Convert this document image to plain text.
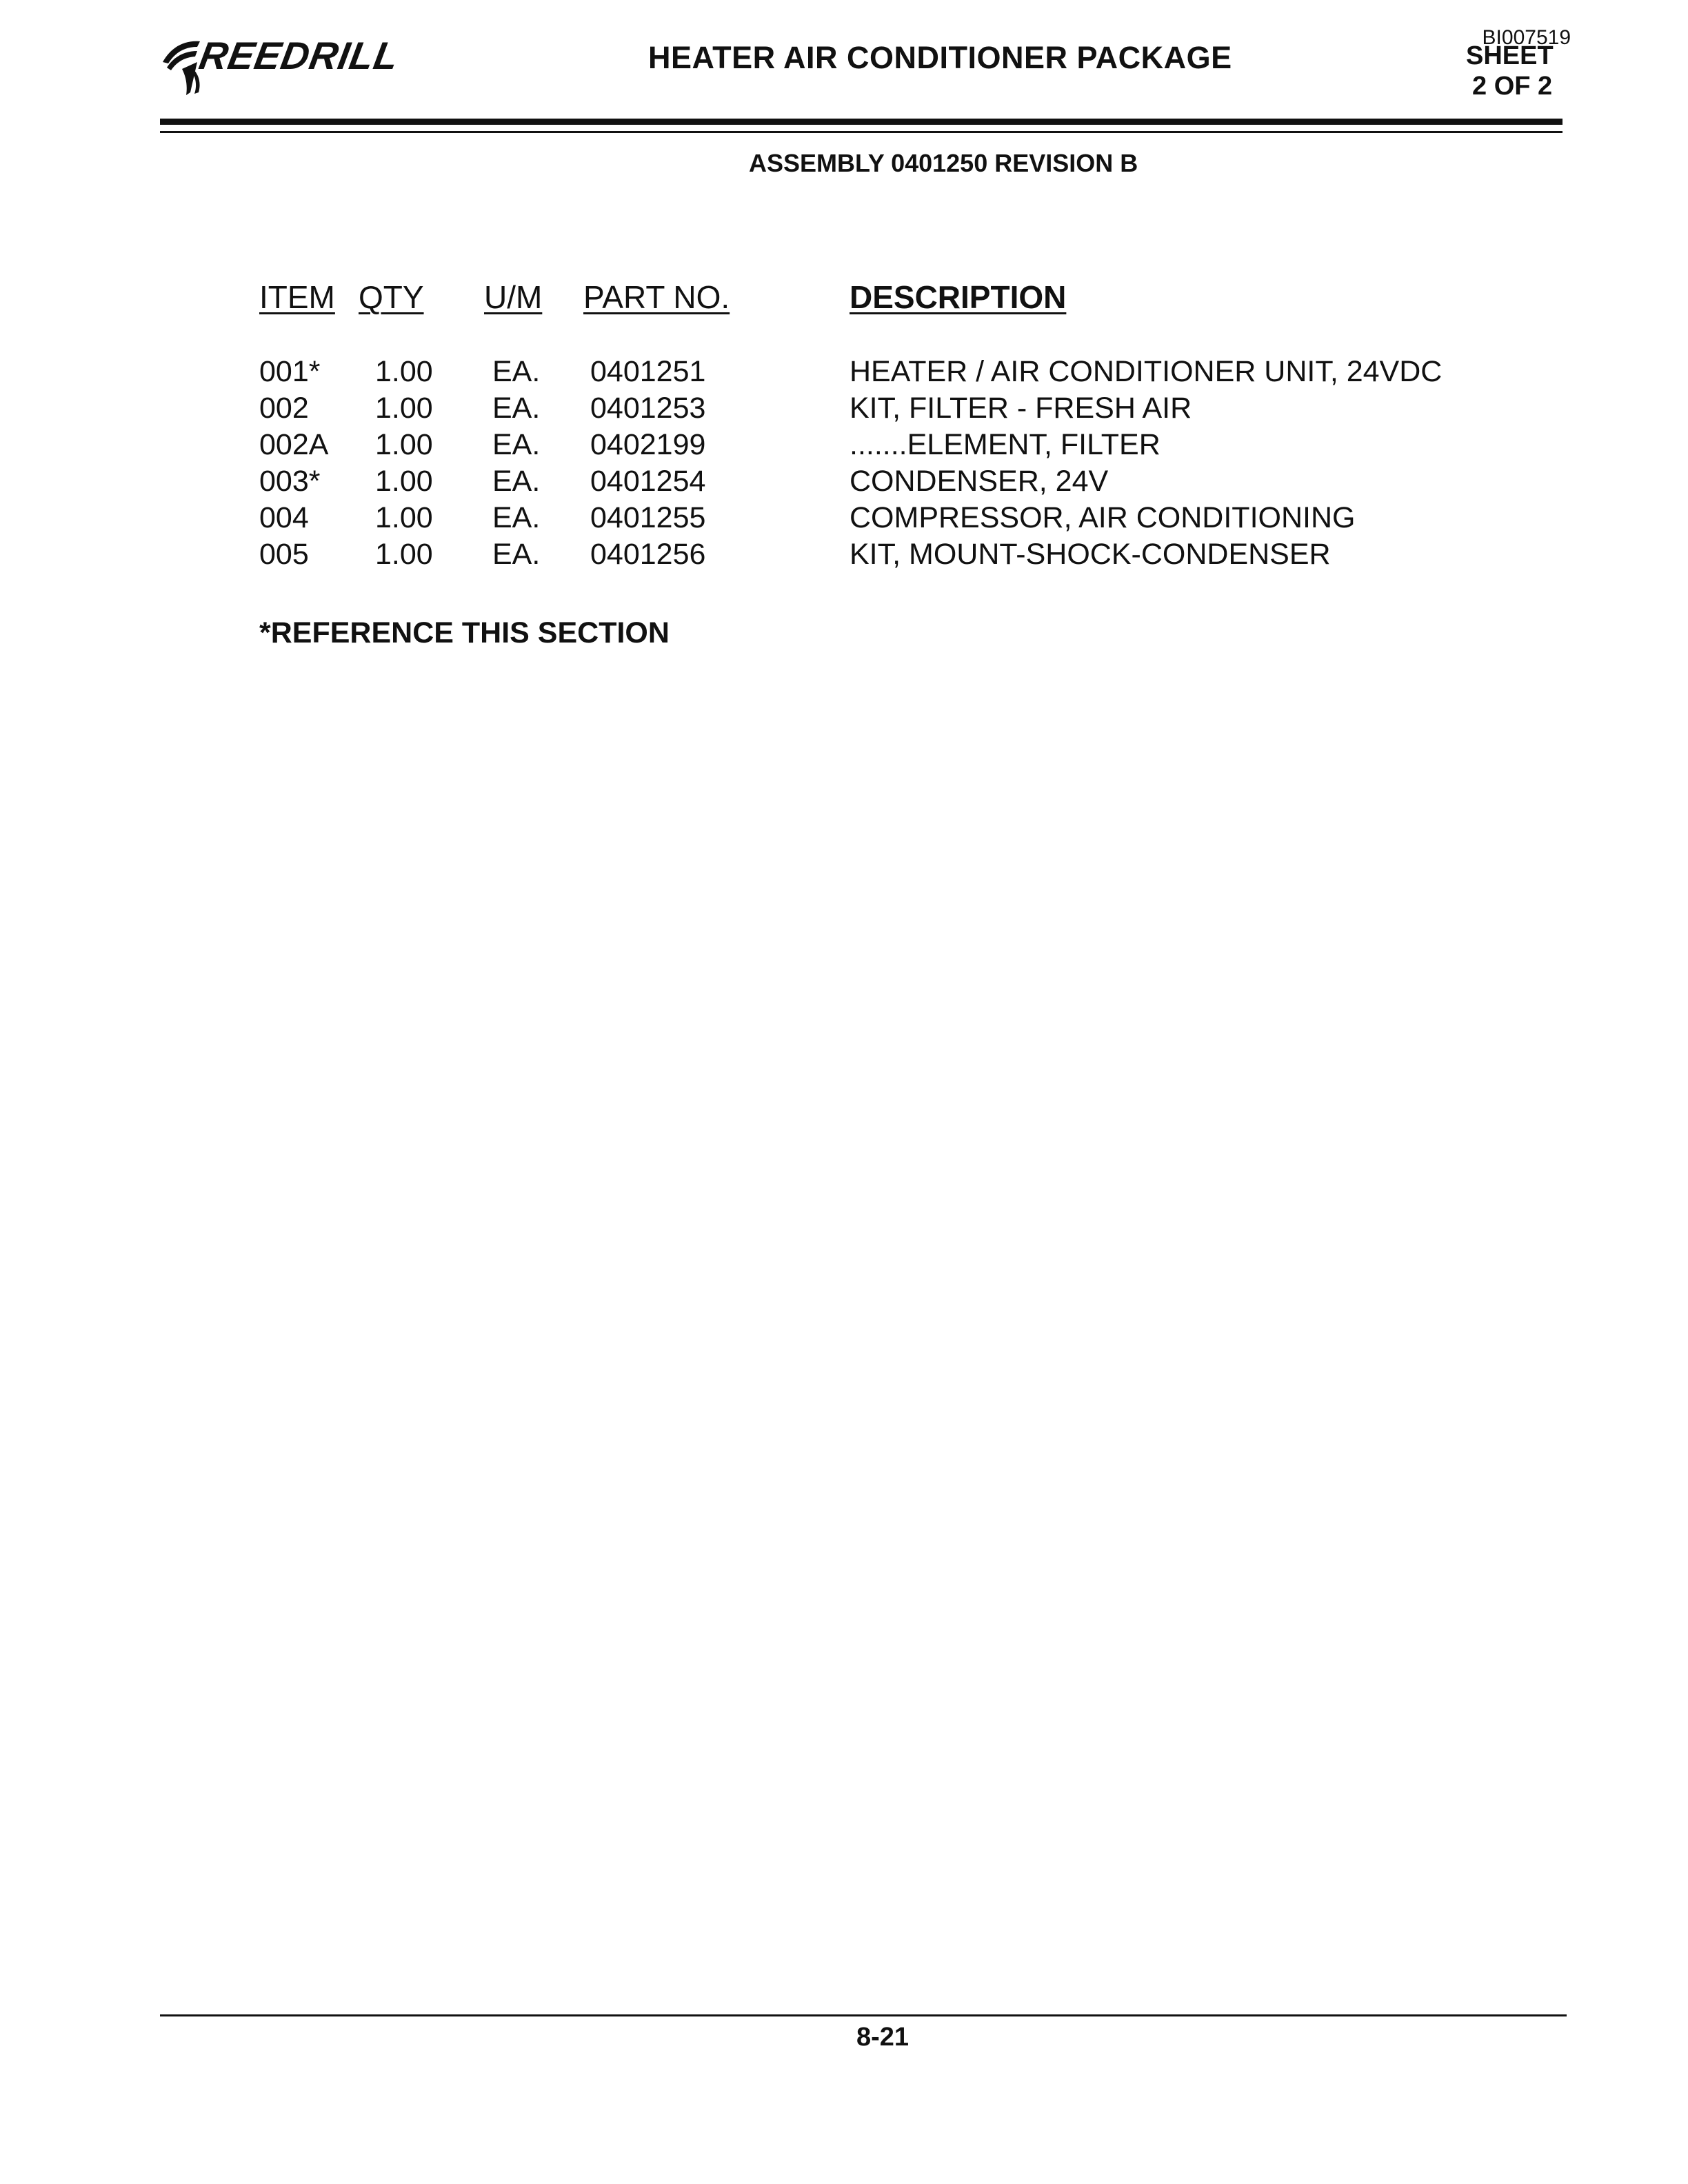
REEDRILL	HEATER AIR CONDITIONER PACKAGE
BI007519
SHEET
2 OF 2
ASSEMBLY 0401250 REVISION B
ITEM QTY U/M PART NO.	DESCRIPTION
001* 1.00 EA. 0401251	HEATER / AIR CONDITIONER UNIT, 24VDC
002 1.00 EA. 0401253	KIT, FILTER - FRESH AIR
002A 1.00 EA. 0402199	.......ELEMENT, FILTER
003* 1.00 EA. 0401254	CONDENSER, 24V
004 1.00 EA. 0401255	COMPRESSOR, AIR CONDITIONING
005 1.00 EA. 0401256	KIT, MOUNT-SHOCK-CONDENSER
*REFERENCE THIS SECTION
8-21
